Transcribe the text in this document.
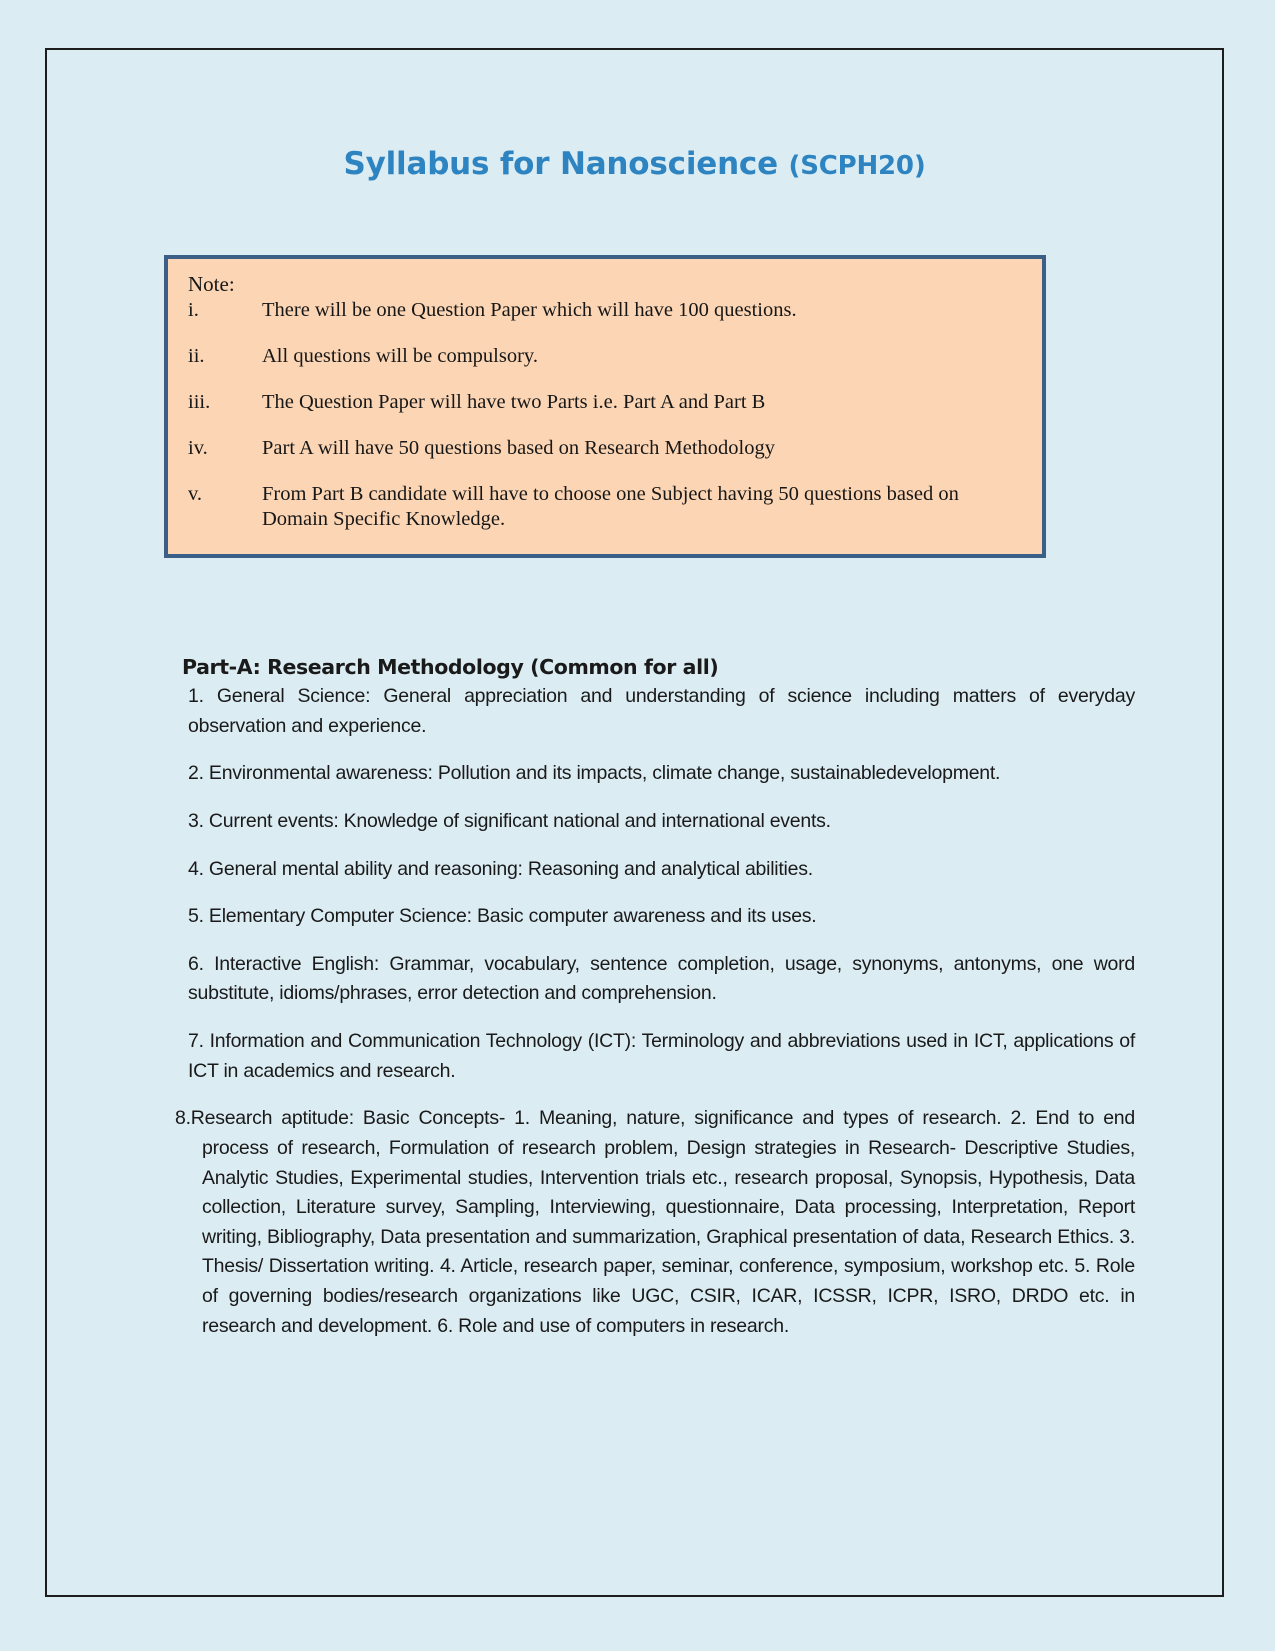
Syllabus for Nanoscience (SCPH20)
Note:
i.	There will be one Question Paper which will have 100 questions.
ii.	All questions will be compulsory.
iii.	The Question Paper will have two Parts i.e. Part A and Part B
iv.	Part A will have 50 questions based on Research Methodology
v.	From Part B candidate will have to choose one Subject having 50 questions based on Domain Specific Knowledge.
Part-A: Research Methodology (Common for all)
1. General Science: General appreciation and understanding of science including matters of everyday observation and experience.
2. Environmental awareness: Pollution and its impacts, climate change, sustainabledevelopment.
3. Current events: Knowledge of significant national and international events.
4. General mental ability and reasoning: Reasoning and analytical abilities.
5. Elementary Computer Science: Basic computer awareness and its uses.
6. Interactive English: Grammar, vocabulary, sentence completion, usage, synonyms, antonyms, one word substitute, idioms/phrases, error detection and comprehension.
7. Information and Communication Technology (ICT): Terminology and abbreviations used in ICT, applications of ICT in academics and research.
8.Research aptitude: Basic Concepts- 1. Meaning, nature, significance and types of research. 2. End to end process of research, Formulation of research problem, Design strategies in Research- Descriptive Studies, Analytic Studies, Experimental studies, Intervention trials etc., research proposal, Synopsis, Hypothesis, Data collection, Literature survey, Sampling, Interviewing, questionnaire, Data processing, Interpretation, Report writing, Bibliography, Data presentation and summarization, Graphical presentation of data, Research Ethics. 3. Thesis/ Dissertation writing. 4. Article, research paper, seminar, conference, symposium, workshop etc. 5. Role of governing bodies/research organizations like UGC, CSIR, ICAR, ICSSR, ICPR, ISRO, DRDO etc. in research and development. 6. Role and use of computers in research.
